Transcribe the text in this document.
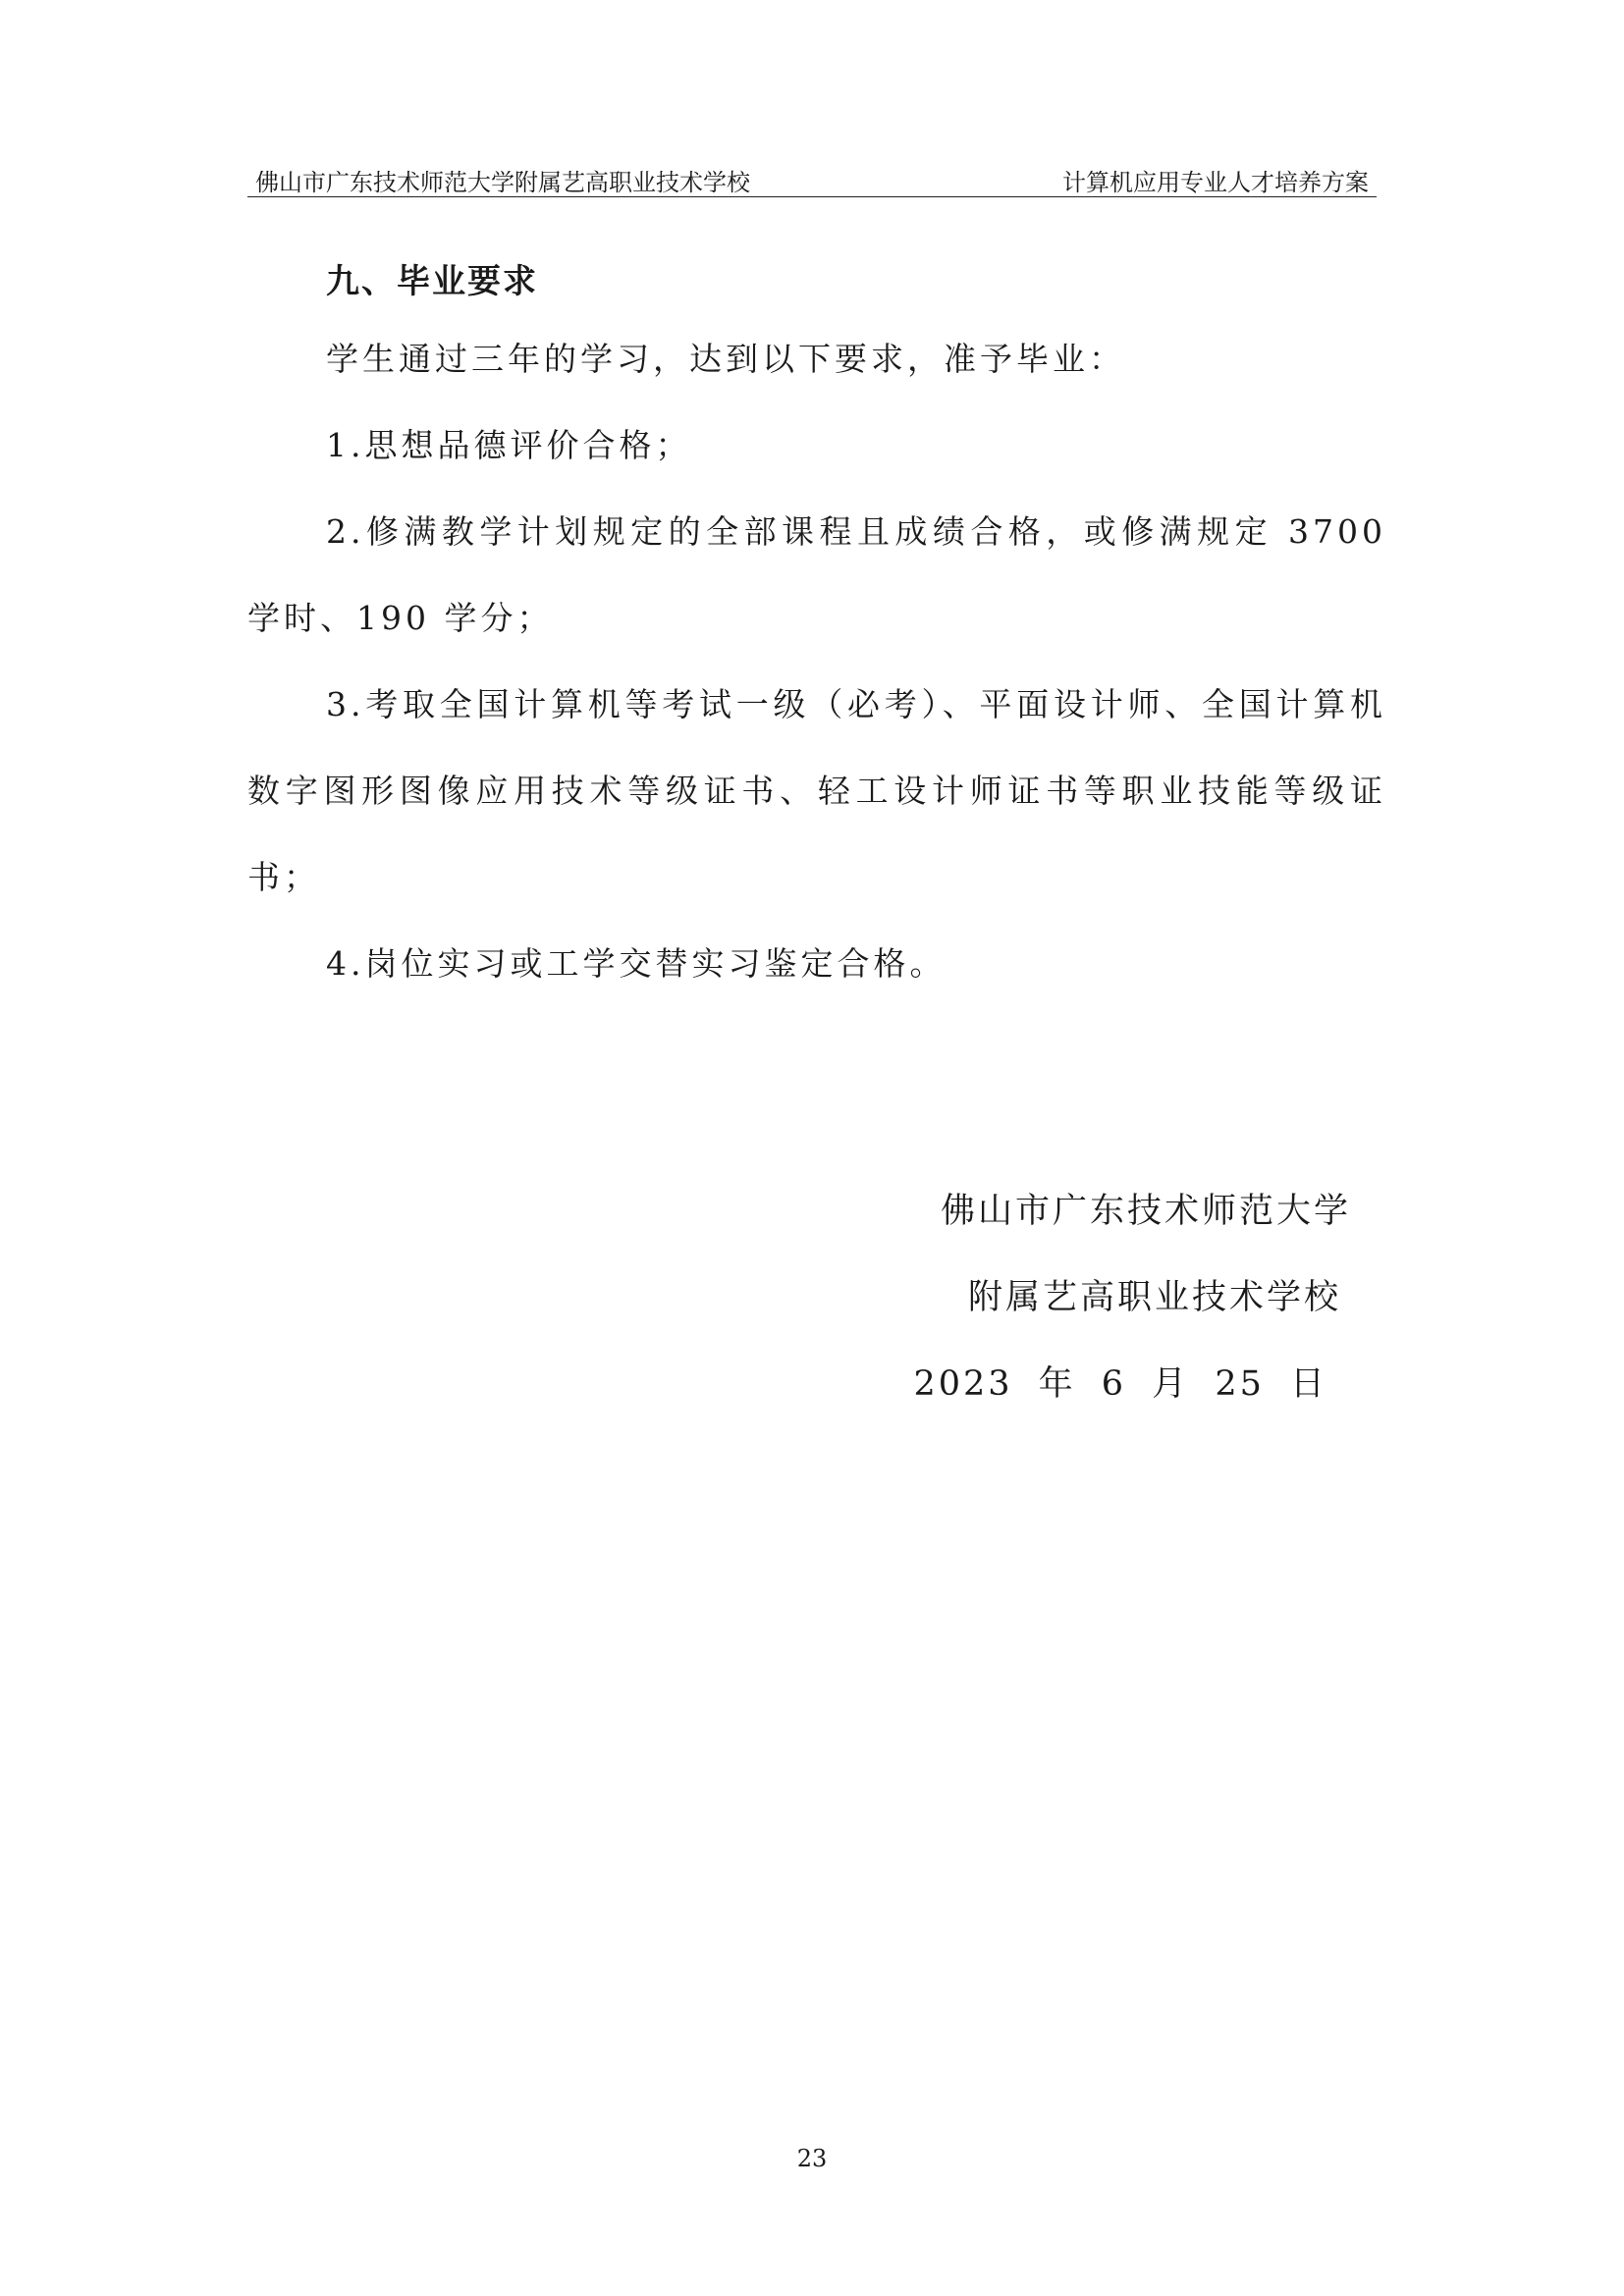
佛山市广东技术师范大学附属艺高职业技术学校	计算机应用专业人才培养方案
九、毕业要求

学生通过三年的学习，达到以下要求，准予毕业：

1.思想品德评价合格；

2.修满教学计划规定的全部课程且成绩合格，或修满规定 3700 学时、190 学分；

3.考取全国计算机等考试一级（必考）、平面设计师、全国计算机数字图形图像应用技术等级证书、轻工设计师证书等职业技能等级证书；

4.岗位实习或工学交替实习鉴定合格。

佛山市广东技术师范大学
附属艺高职业技术学校
2023 年 6 月 25 日
23
